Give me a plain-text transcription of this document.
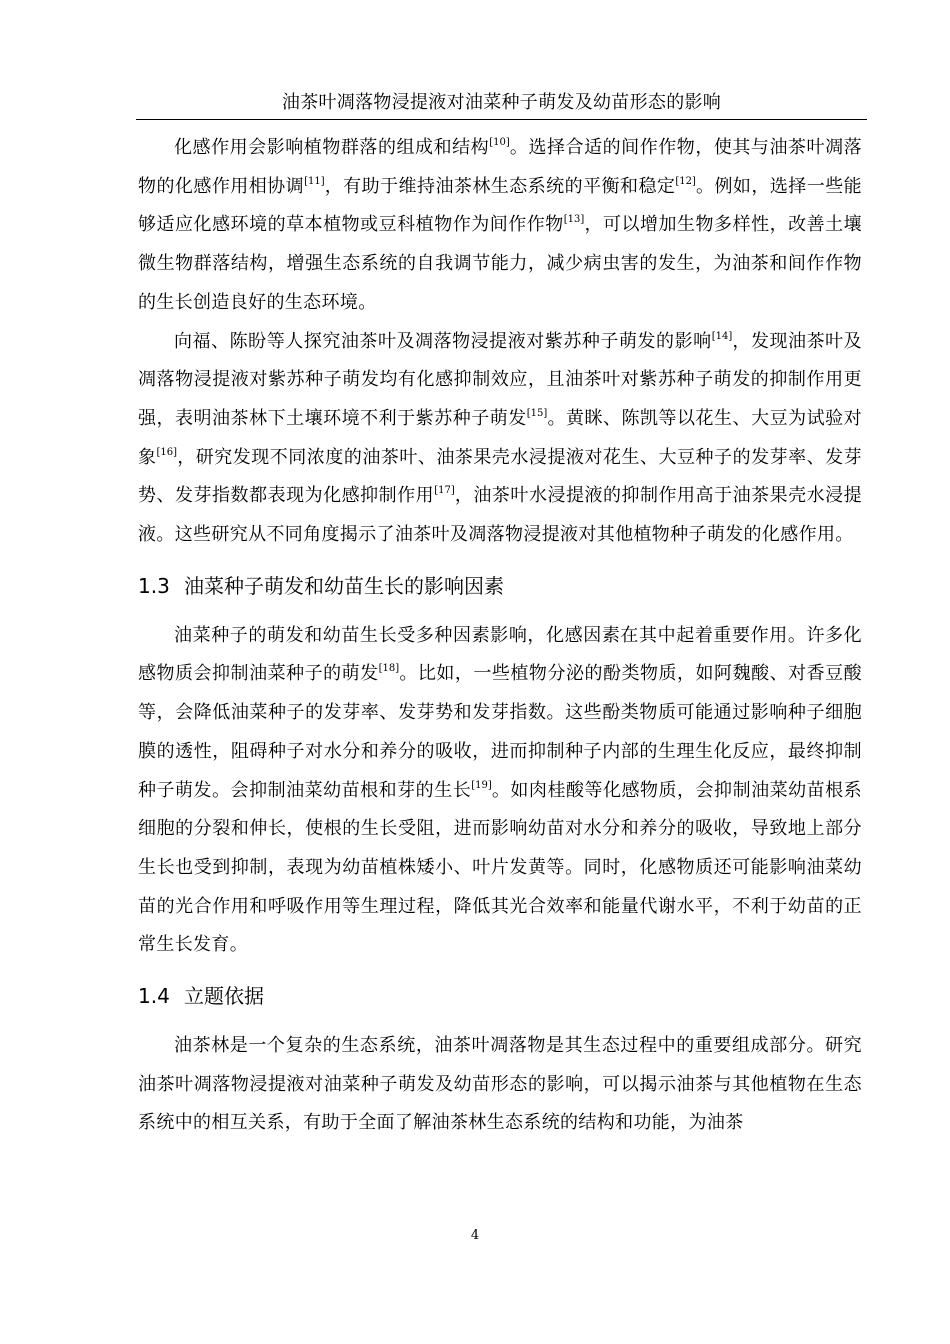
油茶叶凋落物浸提液对油菜种子萌发及幼苗形态的影响

化感作用会影响植物群落的组成和结构[10]。选择合适的间作作物，使其与油茶叶凋落物的化感作用相协调[11]，有助于维持油茶林生态系统的平衡和稳定[12]。例如，选择一些能够适应化感环境的草本植物或豆科植物作为间作作物[13]，可以增加生物多样性，改善土壤微生物群落结构，增强生态系统的自我调节能力，减少病虫害的发生，为油茶和间作作物的生长创造良好的生态环境。

向福、陈盼等人探究油茶叶及凋落物浸提液对紫苏种子萌发的影响[14]，发现油茶叶及凋落物浸提液对紫苏种子萌发均有化感抑制效应，且油茶叶对紫苏种子萌发的抑制作用更强，表明油茶林下土壤环境不利于紫苏种子萌发[15]。黄眯、陈凯等以花生、大豆为试验对象[16]，研究发现不同浓度的油茶叶、油茶果壳水浸提液对花生、大豆种子的发芽率、发芽势、发芽指数都表现为化感抑制作用[17]，油茶叶水浸提液的抑制作用高于油茶果壳水浸提液。这些研究从不同角度揭示了油茶叶及凋落物浸提液对其他植物种子萌发的化感作用。

1.3 油菜种子萌发和幼苗生长的影响因素

油菜种子的萌发和幼苗生长受多种因素影响，化感因素在其中起着重要作用。许多化感物质会抑制油菜种子的萌发[18]。比如，一些植物分泌的酚类物质，如阿魏酸、对香豆酸等，会降低油菜种子的发芽率、发芽势和发芽指数。这些酚类物质可能通过影响种子细胞膜的透性，阻碍种子对水分和养分的吸收，进而抑制种子内部的生理生化反应，最终抑制种子萌发。会抑制油菜幼苗根和芽的生长[19]。如肉桂酸等化感物质，会抑制油菜幼苗根系细胞的分裂和伸长，使根的生长受阻，进而影响幼苗对水分和养分的吸收，导致地上部分生长也受到抑制，表现为幼苗植株矮小、叶片发黄等。同时，化感物质还可能影响油菜幼苗的光合作用和呼吸作用等生理过程，降低其光合效率和能量代谢水平，不利于幼苗的正常生长发育。

1.4 立题依据

油茶林是一个复杂的生态系统，油茶叶凋落物是其生态过程中的重要组成部分。研究油茶叶凋落物浸提液对油菜种子萌发及幼苗形态的影响，可以揭示油茶与其他植物在生态系统中的相互关系，有助于全面了解油茶林生态系统的结构和功能，为油茶

4
